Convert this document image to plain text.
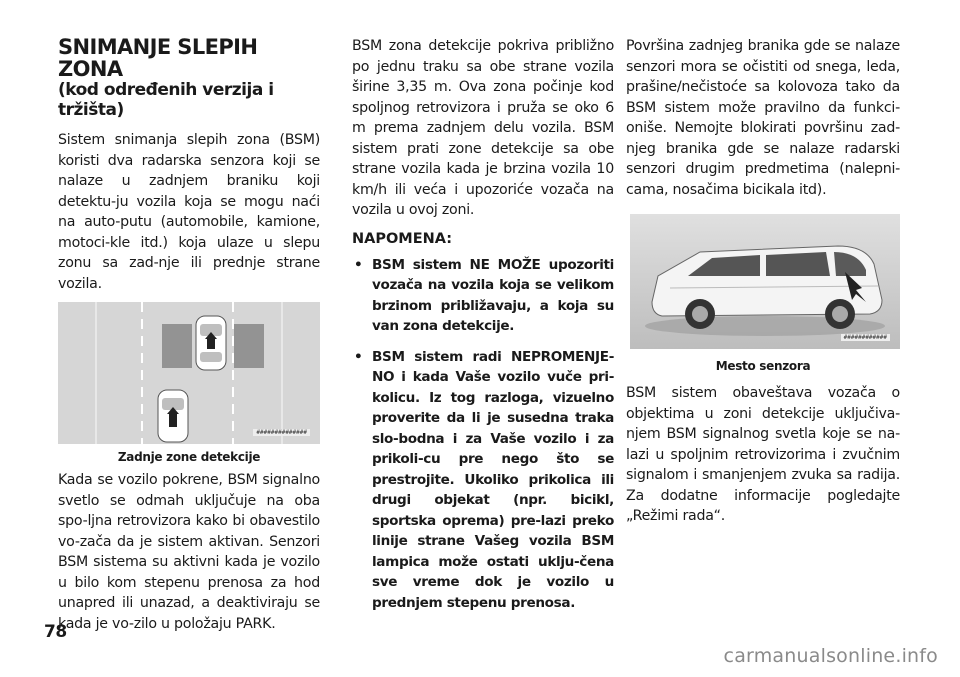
SNIMANJE SLEPIH ZONA
(kod određenih verzija i tržišta)

Sistem snimanja slepih zona (BSM) koristi dva radarska senzora koji se nalaze u zadnjem braniku koji detektu-ju vozila koja se mogu naći na auto-putu (automobile, kamione, motoci-kle itd.) koja ulaze u slepu zonu sa zad-nje ili prednje strane vozila.

##############
Zadnje zone detekcije

Kada se vozilo pokrene, BSM signalno svetlo se odmah uključuje na oba spo-ljna retrovizora kako bi obavestilo vo-zača da je sistem aktivan. Senzori BSM sistema su aktivni kada je vozilo u bilo kom stepenu prenosa za hod unapred ili unazad, a deaktiviraju se kada je vo-zilo u položaju PARK.

BSM zona detekcije pokriva približno po jednu traku sa obe strane vozila širine 3,35 m. Ova zona počinje kod spoljnog retrovizora i pruža se oko 6 m prema zadnjem delu vozila. BSM sistem prati zone detekcije sa obe strane vozila kada je brzina vozila 10 km/h ili veća i upozoriće vozača na vozila u ovoj zoni.

NAPOMENA:
• BSM sistem NE MOŽE upozoriti vozača na vozila koja se velikom brzinom približavaju, a koja su van zona detekcije.
• BSM sistem radi NEPROMENJE-NO i kada Vaše vozilo vuče pri-kolicu. Iz tog razloga, vizuelno proverite da li je susedna traka slo-bodna i za Vaše vozilo i za prikoli-cu pre nego što se prestrojite. Ukoliko prikolica ili drugi objekat (npr. bicikl, sportska oprema) pre-lazi preko linije strane Vašeg vozila BSM lampica može ostati uklju-čena sve vreme dok je vozilo u prednjem stepenu prenosa.

Površina zadnjeg branika gde se nalaze senzori mora se očistiti od snega, leda, prašine/nečistoće sa kolovoza tako da BSM sistem može pravilno da funkci-oniše. Nemojte blokirati površinu zad-njeg branika gde se nalaze radarski senzori drugim predmetima (nalepni-cama, nosačima bicikala itd).

############
Mesto senzora

BSM sistem obaveštava vozača o objektima u zoni detekcije uključiva-njem BSM signalnog svetla koje se na-lazi u spoljnim retrovizorima i zvučnim signalom i smanjenjem zvuka sa radija. Za dodatne informacije pogledajte „Režimi rada“.

78
carmanualsonline.info
